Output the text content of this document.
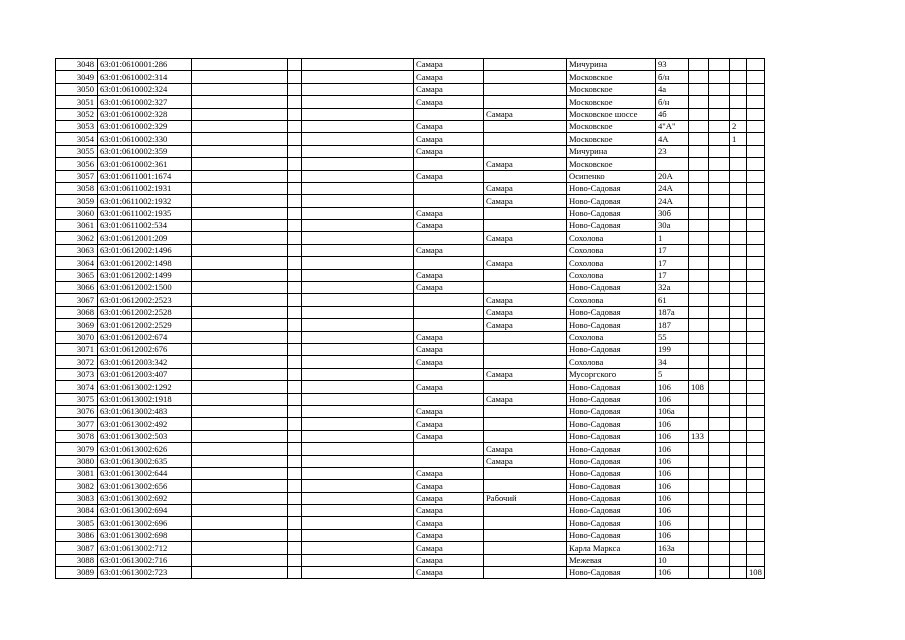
3048	63:01:0610001:286				Самара		Мичурина	93				
3049	63:01:0610002:314				Самара		Московское	б/н				
3050	63:01:0610002:324				Самара		Московское	4а				
3051	63:01:0610002:327				Самара		Московское	б/н				
3052	63:01:0610002:328					Самара	Московское шоссе	4б				
3053	63:01:0610002:329				Самара		Московское	4"А"			2	
3054	63:01:0610002:330				Самара		Московское	4А			1	
3055	63:01:0610002:359				Самара		Мичурина	23				
3056	63:01:0610002:361					Самара	Московское					
3057	63:01:0611001:1674				Самара		Осипенко	20А				
3058	63:01:0611002:1931					Самара	Ново-Садовая	24А				
3059	63:01:0611002:1932					Самара	Ново-Садовая	24А				
3060	63:01:0611002:1935				Самара		Ново-Садовая	30б				
3061	63:01:0611002:534				Самара		Ново-Садовая	30а				
3062	63:01:0612001:209					Самара	Сохолова	1				
3063	63:01:0612002:1496				Самара		Сохолова	17				
3064	63:01:0612002:1498					Самара	Сохолова	17				
3065	63:01:0612002:1499				Самара		Сохолова	17				
3066	63:01:0612002:1500				Самара		Ново-Садовая	32а				
3067	63:01:0612002:2523					Самара	Сохолова	61				
3068	63:01:0612002:2528					Самара	Ново-Садовая	187а				
3069	63:01:0612002:2529					Самара	Ново-Садовая	187				
3070	63:01:0612002:674				Самара		Сохолова	55				
3071	63:01:0612002:676				Самара		Ново-Садовая	199				
3072	63:01:0612003:342				Самара		Сохолова	34				
3073	63:01:0612003:407					Самара	Мусоргского	5				
3074	63:01:0613002:1292				Самара		Ново-Садовая	106	108			
3075	63:01:0613002:1918					Самара	Ново-Садовая	106				
3076	63:01:0613002:483				Самара		Ново-Садовая	106а				
3077	63:01:0613002:492				Самара		Ново-Садовая	106				
3078	63:01:0613002:503				Самара		Ново-Садовая	106	133			
3079	63:01:0613002:626					Самара	Ново-Садовая	106				
3080	63:01:0613002:635					Самара	Ново-Садовая	106				
3081	63:01:0613002:644				Самара		Ново-Садовая	106				
3082	63:01:0613002:656				Самара		Ново-Садовая	106				
3083	63:01:0613002:692				Самара	Рабочий	Ново-Садовая	106				
3084	63:01:0613002:694				Самара		Ново-Садовая	106				
3085	63:01:0613002:696				Самара		Ново-Садовая	106				
3086	63:01:0613002:698				Самара		Ново-Садовая	106				
3087	63:01:0613002:712				Самара		Карла Маркса	163а				
3088	63:01:0613002:716				Самара		Межевая	10				
3089	63:01:0613002:723				Самара		Ново-Садовая	106				108
